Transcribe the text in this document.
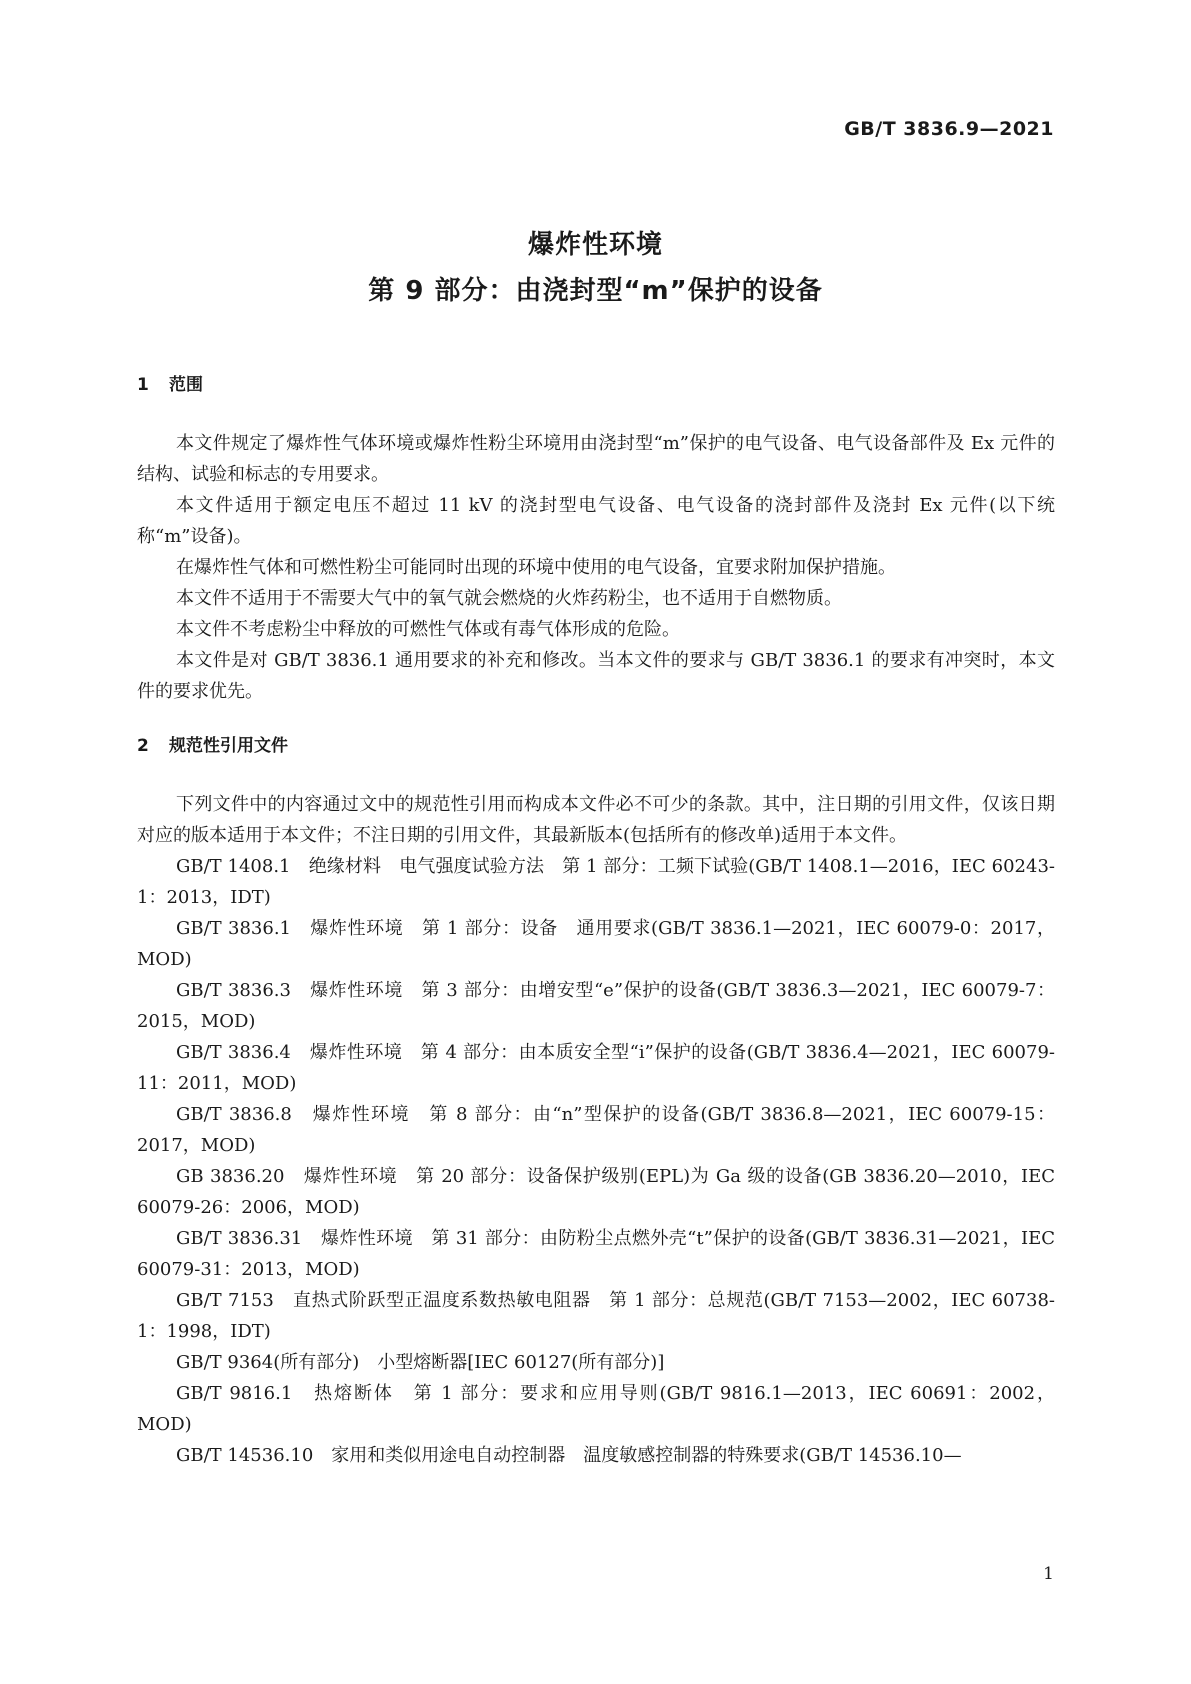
GB/T 3836.9—2021
爆炸性环境
第 9 部分：由浇封型“m”保护的设备
1 范围

本文件规定了爆炸性气体环境或爆炸性粉尘环境用由浇封型“m”保护的电气设备、电气设备部件及 Ex 元件的结构、试验和标志的专用要求。

本文件适用于额定电压不超过 11 kV 的浇封型电气设备、电气设备的浇封部件及浇封 Ex 元件(以下统称“m”设备)。

在爆炸性气体和可燃性粉尘可能同时出现的环境中使用的电气设备，宜要求附加保护措施。

本文件不适用于不需要大气中的氧气就会燃烧的火炸药粉尘，也不适用于自燃物质。

本文件不考虑粉尘中释放的可燃性气体或有毒气体形成的危险。

本文件是对 GB/T 3836.1 通用要求的补充和修改。当本文件的要求与 GB/T 3836.1 的要求有冲突时，本文件的要求优先。

2 规范性引用文件

下列文件中的内容通过文中的规范性引用而构成本文件必不可少的条款。其中，注日期的引用文件，仅该日期对应的版本适用于本文件；不注日期的引用文件，其最新版本(包括所有的修改单)适用于本文件。

GB/T 1408.1　绝缘材料　电气强度试验方法　第 1 部分：工频下试验(GB/T 1408.1—2016，IEC 60243-1：2013，IDT)

GB/T 3836.1　爆炸性环境　第 1 部分：设备　通用要求(GB/T 3836.1—2021，IEC 60079-0：2017，MOD)

GB/T 3836.3　爆炸性环境　第 3 部分：由增安型“e”保护的设备(GB/T 3836.3—2021，IEC 60079-7：2015，MOD)

GB/T 3836.4　爆炸性环境　第 4 部分：由本质安全型“i”保护的设备(GB/T 3836.4—2021，IEC 60079-11：2011，MOD)

GB/T 3836.8　爆炸性环境　第 8 部分：由“n”型保护的设备(GB/T 3836.8—2021，IEC 60079-15：2017，MOD)

GB 3836.20　爆炸性环境　第 20 部分：设备保护级别(EPL)为 Ga 级的设备(GB 3836.20—2010，IEC 60079-26：2006，MOD)

GB/T 3836.31　爆炸性环境　第 31 部分：由防粉尘点燃外壳“t”保护的设备(GB/T 3836.31—2021，IEC 60079-31：2013，MOD)

GB/T 7153　直热式阶跃型正温度系数热敏电阻器　第 1 部分：总规范(GB/T 7153—2002，IEC 60738-1：1998，IDT)

GB/T 9364(所有部分)　小型熔断器[IEC 60127(所有部分)]

GB/T 9816.1　热熔断体　第 1 部分：要求和应用导则(GB/T 9816.1—2013，IEC 60691：2002，MOD)

GB/T 14536.10　家用和类似用途电自动控制器　温度敏感控制器的特殊要求(GB/T 14536.10—

1
